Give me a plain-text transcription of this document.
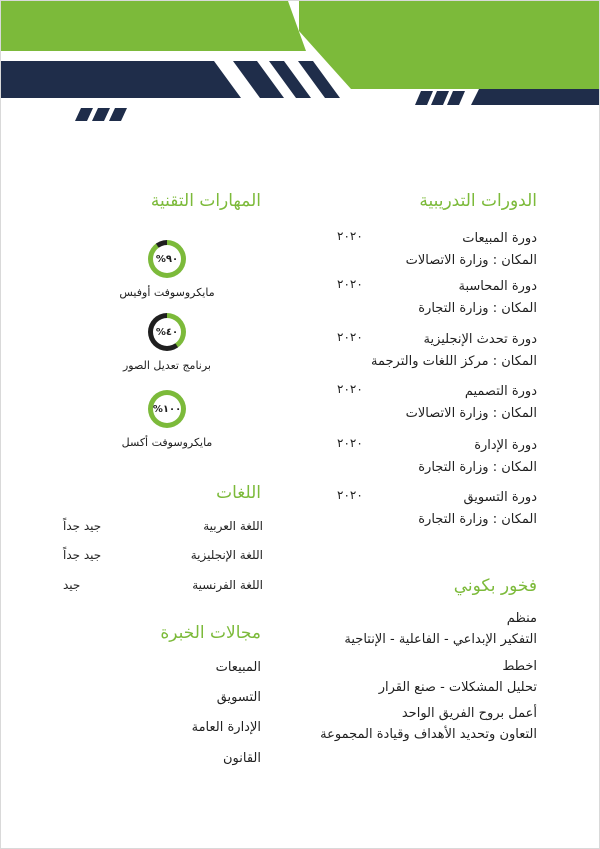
الدورات التدريبية
دورة المبيعات
المكان : وزارة الاتصالات
٢٠٢٠
دورة المحاسبة
المكان : وزارة التجارة
٢٠٢٠
دورة تحدث الإنجليزية
المكان : مركز اللغات والترجمة
٢٠٢٠
دورة التصميم
المكان : وزارة الاتصالات
٢٠٢٠
دورة الإدارة
المكان : وزارة التجارة
٢٠٢٠
دورة التسويق
المكان : وزارة التجارة
٢٠٢٠
فخور بكوني
منظم
التفكير الإبداعي - الفاعلية - الإنتاجية
اخطط
تحليل المشكلات - صنع القرار
أعمل بروح الفريق الواحد
التعاون وتحديد الأهداف وقيادة المجموعة
المهارات التقنية
٩٠%
مايكروسوفت أوفيس
٤٠%
برنامج تعديل الصور
١٠٠%
مايكروسوفت أكسل
اللغات
اللغة العربية
جيد جداً
اللغة الإنجليزية
جيد جداً
اللغة الفرنسية
جيد
مجالات الخبرة
المبيعات
التسويق
الإدارة العامة
القانون
